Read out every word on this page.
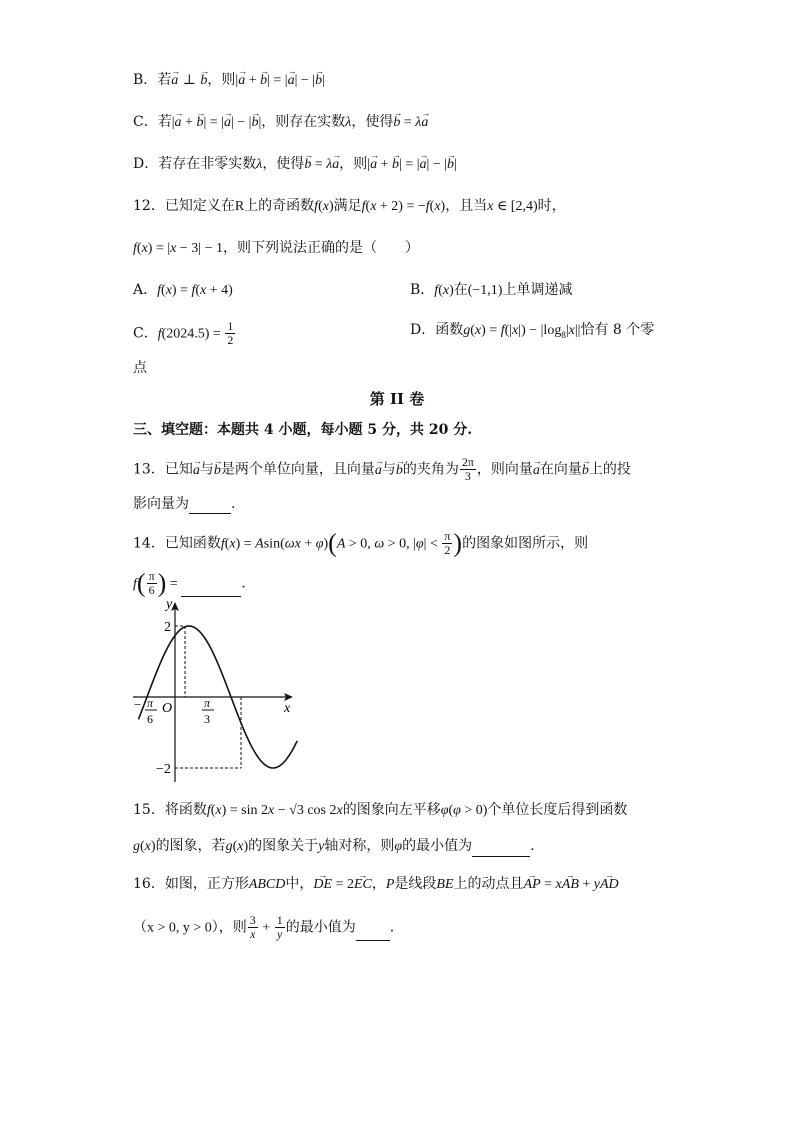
B．若→ a ⊥ → b，则|→ a + → b| = |→ a| − |→ b|
C．若|→ a + → b| = |→ a| − |→ b|，则存在实数λ，使得→ b = λ→ a
D．若存在非零实数λ，使得→ b = λ→ a，则|→ a + → b| = |→ a| − |→ b|
12．已知定义在R上的奇函数f(x)满足f(x + 2) = −f(x)，且当x ∈ [2,4)时，
f(x) = |x − 3| − 1，则下列说法正确的是（　　）
A．f(x) = f(x + 4)	B．f(x)在(−1,1)上单调递减
C．$f(2024.5) = \frac{1}{2}$	D．函数$g(x) = f(|x|) - |\log_8|x||$恰有 8 个零
点
第 II 卷
三、填空题：本题共 4 小题，每小题 5 分，共 20 分.
13．已知→ a与→ b是两个单位向量，且向量→ a与→ b的夹角为 $\frac{2\pi}{3}$ ，则向量→ a在向量→ b上的投
影向量为	.
14．已知函数f(x) = Asin(ωx + φ)(A > 0, ω > 0, $|\varphi| < \frac{\pi}{2}$ )的图象如图所示，则
$f( \frac{\pi}{6}$ ) =	.
y
x
O
2
−2
− π
6
π
3
15．将函数f(x) = sin 2x − √3 cos 2x的图象向左平移φ(φ > 0)个单位长度后得到函数
g(x)的图象，若g(x)的图象关于y轴对称，则φ的最小值为	.
16．如图，正方形ABCD中，→ DE = 2→ EC，P是线段BE上的动点且→ AP = x→ AB + y→ AD
（x > 0, y > 0），则 $\frac{3}{x} + \frac{1}{y}$ 的最小值为 .
